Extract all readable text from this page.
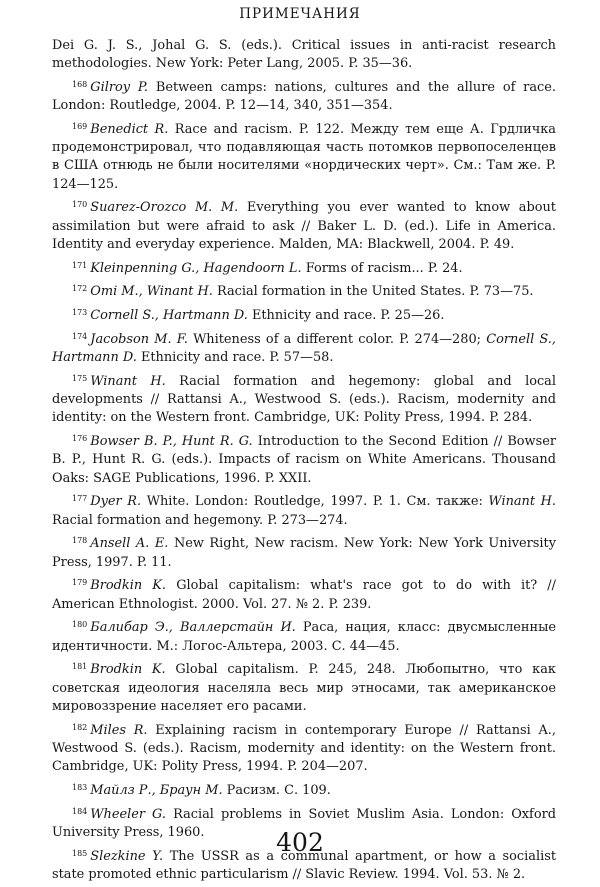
ПРИМЕЧАНИЯ

Dei G. J. S., Johal G. S. (eds.). Critical issues in anti-racist research methodologies. New York: Peter Lang, 2005. P. 35—36.

$^{168}$ Gilroy P. Between camps: nations, cultures and the allure of race. London: Routledge, 2004. P. 12—14, 340, 351—354.

$^{169}$ Benedict R. Race and racism. P. 122. Между тем еще А. Грдличка продемонстрировал, что подавляющая часть потомков первопоселенцев в США отнюдь не были носителями «нордических черт». См.: Там же. P. 124—125.

$^{170}$ Suarez-Orozco M. M. Everything you ever wanted to know about assimilation but were afraid to ask // Baker L. D. (ed.). Life in America. Identity and everyday experience. Malden, MA: Blackwell, 2004. P. 49.

$^{171}$ Kleinpenning G., Hagendoorn L. Forms of racism... P. 24.

$^{172}$ Omi M., Winant H. Racial formation in the United States. P. 73—75.

$^{173}$ Cornell S., Hartmann D. Ethnicity and race. P. 25—26.

$^{174}$ Jacobson M. F. Whiteness of a different color. P. 274—280; Cornell S., Hartmann D. Ethnicity and race. P. 57—58.

$^{175}$ Winant H. Racial formation and hegemony: global and local developments // Rattansi A., Westwood S. (eds.). Racism, modernity and identity: on the Western front. Cambridge, UK: Polity Press, 1994. P. 284.

$^{176}$ Bowser B. P., Hunt R. G. Introduction to the Second Edition // Bowser B. P., Hunt R. G. (eds.). Impacts of racism on White Americans. Thousand Oaks: SAGE Publications, 1996. P. XXII.

$^{177}$ Dyer R. White. London: Routledge, 1997. P. 1. См. также: Winant H. Racial formation and hegemony. P. 273—274.

$^{178}$ Ansell A. E. New Right, New racism. New York: New York University Press, 1997. P. 11.

$^{179}$ Brodkin K. Global capitalism: what's race got to do with it? // American Ethnologist. 2000. Vol. 27. № 2. P. 239.

$^{180}$ Балибар Э., Валлерстайн И. Раса, нация, класс: двусмысленные идентичности. М.: Логос-Альтера, 2003. С. 44—45.

$^{181}$ Brodkin K. Global capitalism. P. 245, 248. Любопытно, что как советская идеология населяла весь мир этносами, так американское мировоззрение населяет его расами.

$^{182}$ Miles R. Explaining racism in contemporary Europe // Rattansi A., Westwood S. (eds.). Racism, modernity and identity: on the Western front. Cambridge, UK: Polity Press, 1994. P. 204—207.

$^{183}$ Майлз Р., Браун М. Расизм. С. 109.

$^{184}$ Wheeler G. Racial problems in Soviet Muslim Asia. London: Oxford University Press, 1960.

$^{185}$ Slezkine Y. The USSR as a communal apartment, or how a socialist state promoted ethnic particularism // Slavic Review. 1994. Vol. 53. № 2.

402
